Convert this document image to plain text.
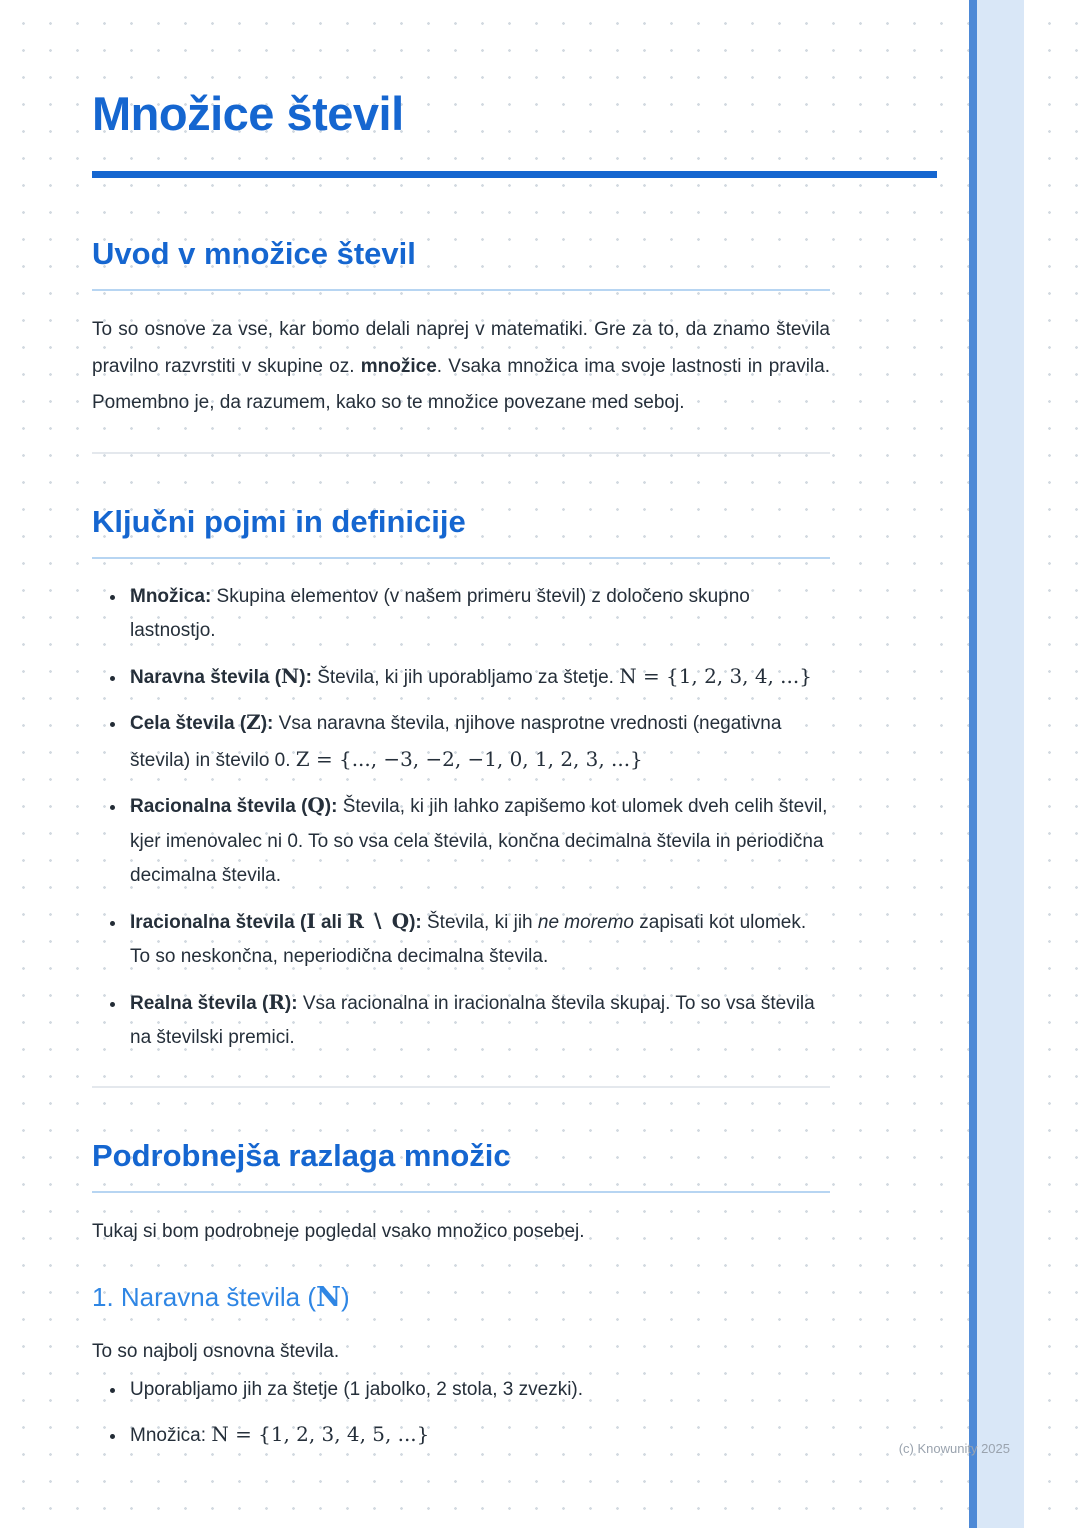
Množice števil
Uvod v množice števil

To so osnove za vse, kar bomo delali naprej v matematiki. Gre za to, da znamo števila pravilno razvrstiti v skupine oz. množice. Vsaka množica ima svoje lastnosti in pravila. Pomembno je, da razumem, kako so te množice povezane med seboj.

Ključni pojmi in definicije
• Množica: Skupina elementov (v našem primeru števil) z določeno skupno lastnostjo.
• Naravna števila (N): Števila, ki jih uporabljamo za štetje. N = {1, 2, 3, 4, ...}
• Cela števila (Z): Vsa naravna števila, njihove nasprotne vrednosti (negativna števila) in število 0. Z = {..., −3, −2, −1, 0, 1, 2, 3, ...}
• Racionalna števila (Q): Števila, ki jih lahko zapišemo kot ulomek dveh celih števil, kjer imenovalec ni 0. To so vsa cela števila, končna decimalna števila in periodična decimalna števila.
• Iracionalna števila (I ali R ∖ Q): Števila, ki jih ne moremo zapisati kot ulomek. To so neskončna, neperiodična decimalna števila.
• Realna števila (R): Vsa racionalna in iracionalna števila skupaj. To so vsa števila na številski premici.
Podrobnejša razlaga množic

Tukaj si bom podrobneje pogledal vsako množico posebej.

1. Naravna števila (N)

To so najbolj osnovna števila.

• Uporabljamo jih za štetje (1 jabolko, 2 stola, 3 zvezki).
• Množica: N = {1, 2, 3, 4, 5, ...}
(c) Knowunity 2025
